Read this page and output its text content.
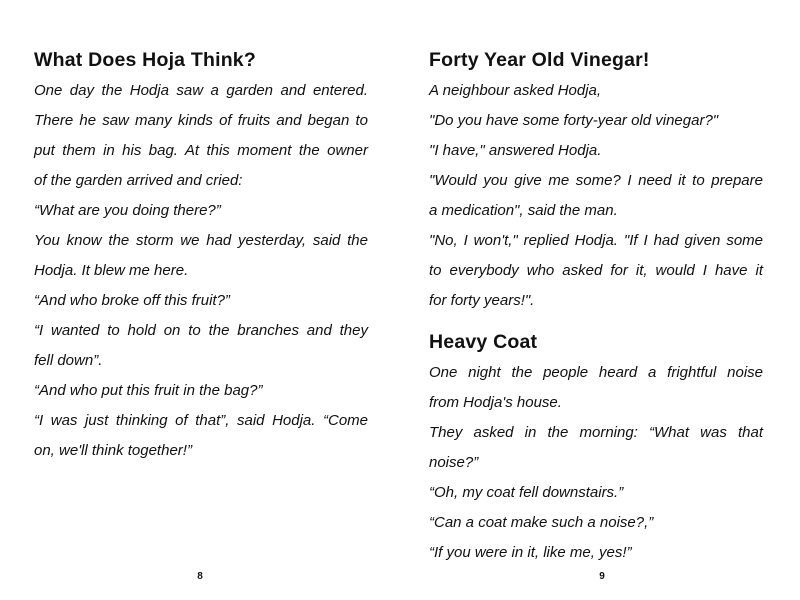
What Does Hoja Think?
One day the Hodja saw a garden and entered.
There he saw many kinds of fruits and began to
put them in his bag. At this moment the owner
of the garden arrived and cried:
“What are you doing there?”
You know the storm we had yesterday, said the
Hodja. It blew me here.
“And who broke off this fruit?”
“I wanted to hold on to the branches and they
fell down”.
“And who put this fruit in the bag?”
“I was just thinking of that”, said Hodja. “Come
on, we'll think together!”
8
Forty Year Old Vinegar!
A neighbour asked Hodja,
"Do you have some forty-year old vinegar?"
"I have," answered Hodja.
"Would you give me some? I need it to prepare
a medication", said the man.
"No, I won't," replied Hodja. "If I had given some
to everybody who asked for it, would I have it
for forty years!".
Heavy Coat
One night the people heard a frightful noise
from Hodja's house.
They asked in the morning: “What was that
noise?”
“Oh, my coat fell downstairs.”
“Can a coat make such a noise?,”
“If you were in it, like me, yes!”
9
